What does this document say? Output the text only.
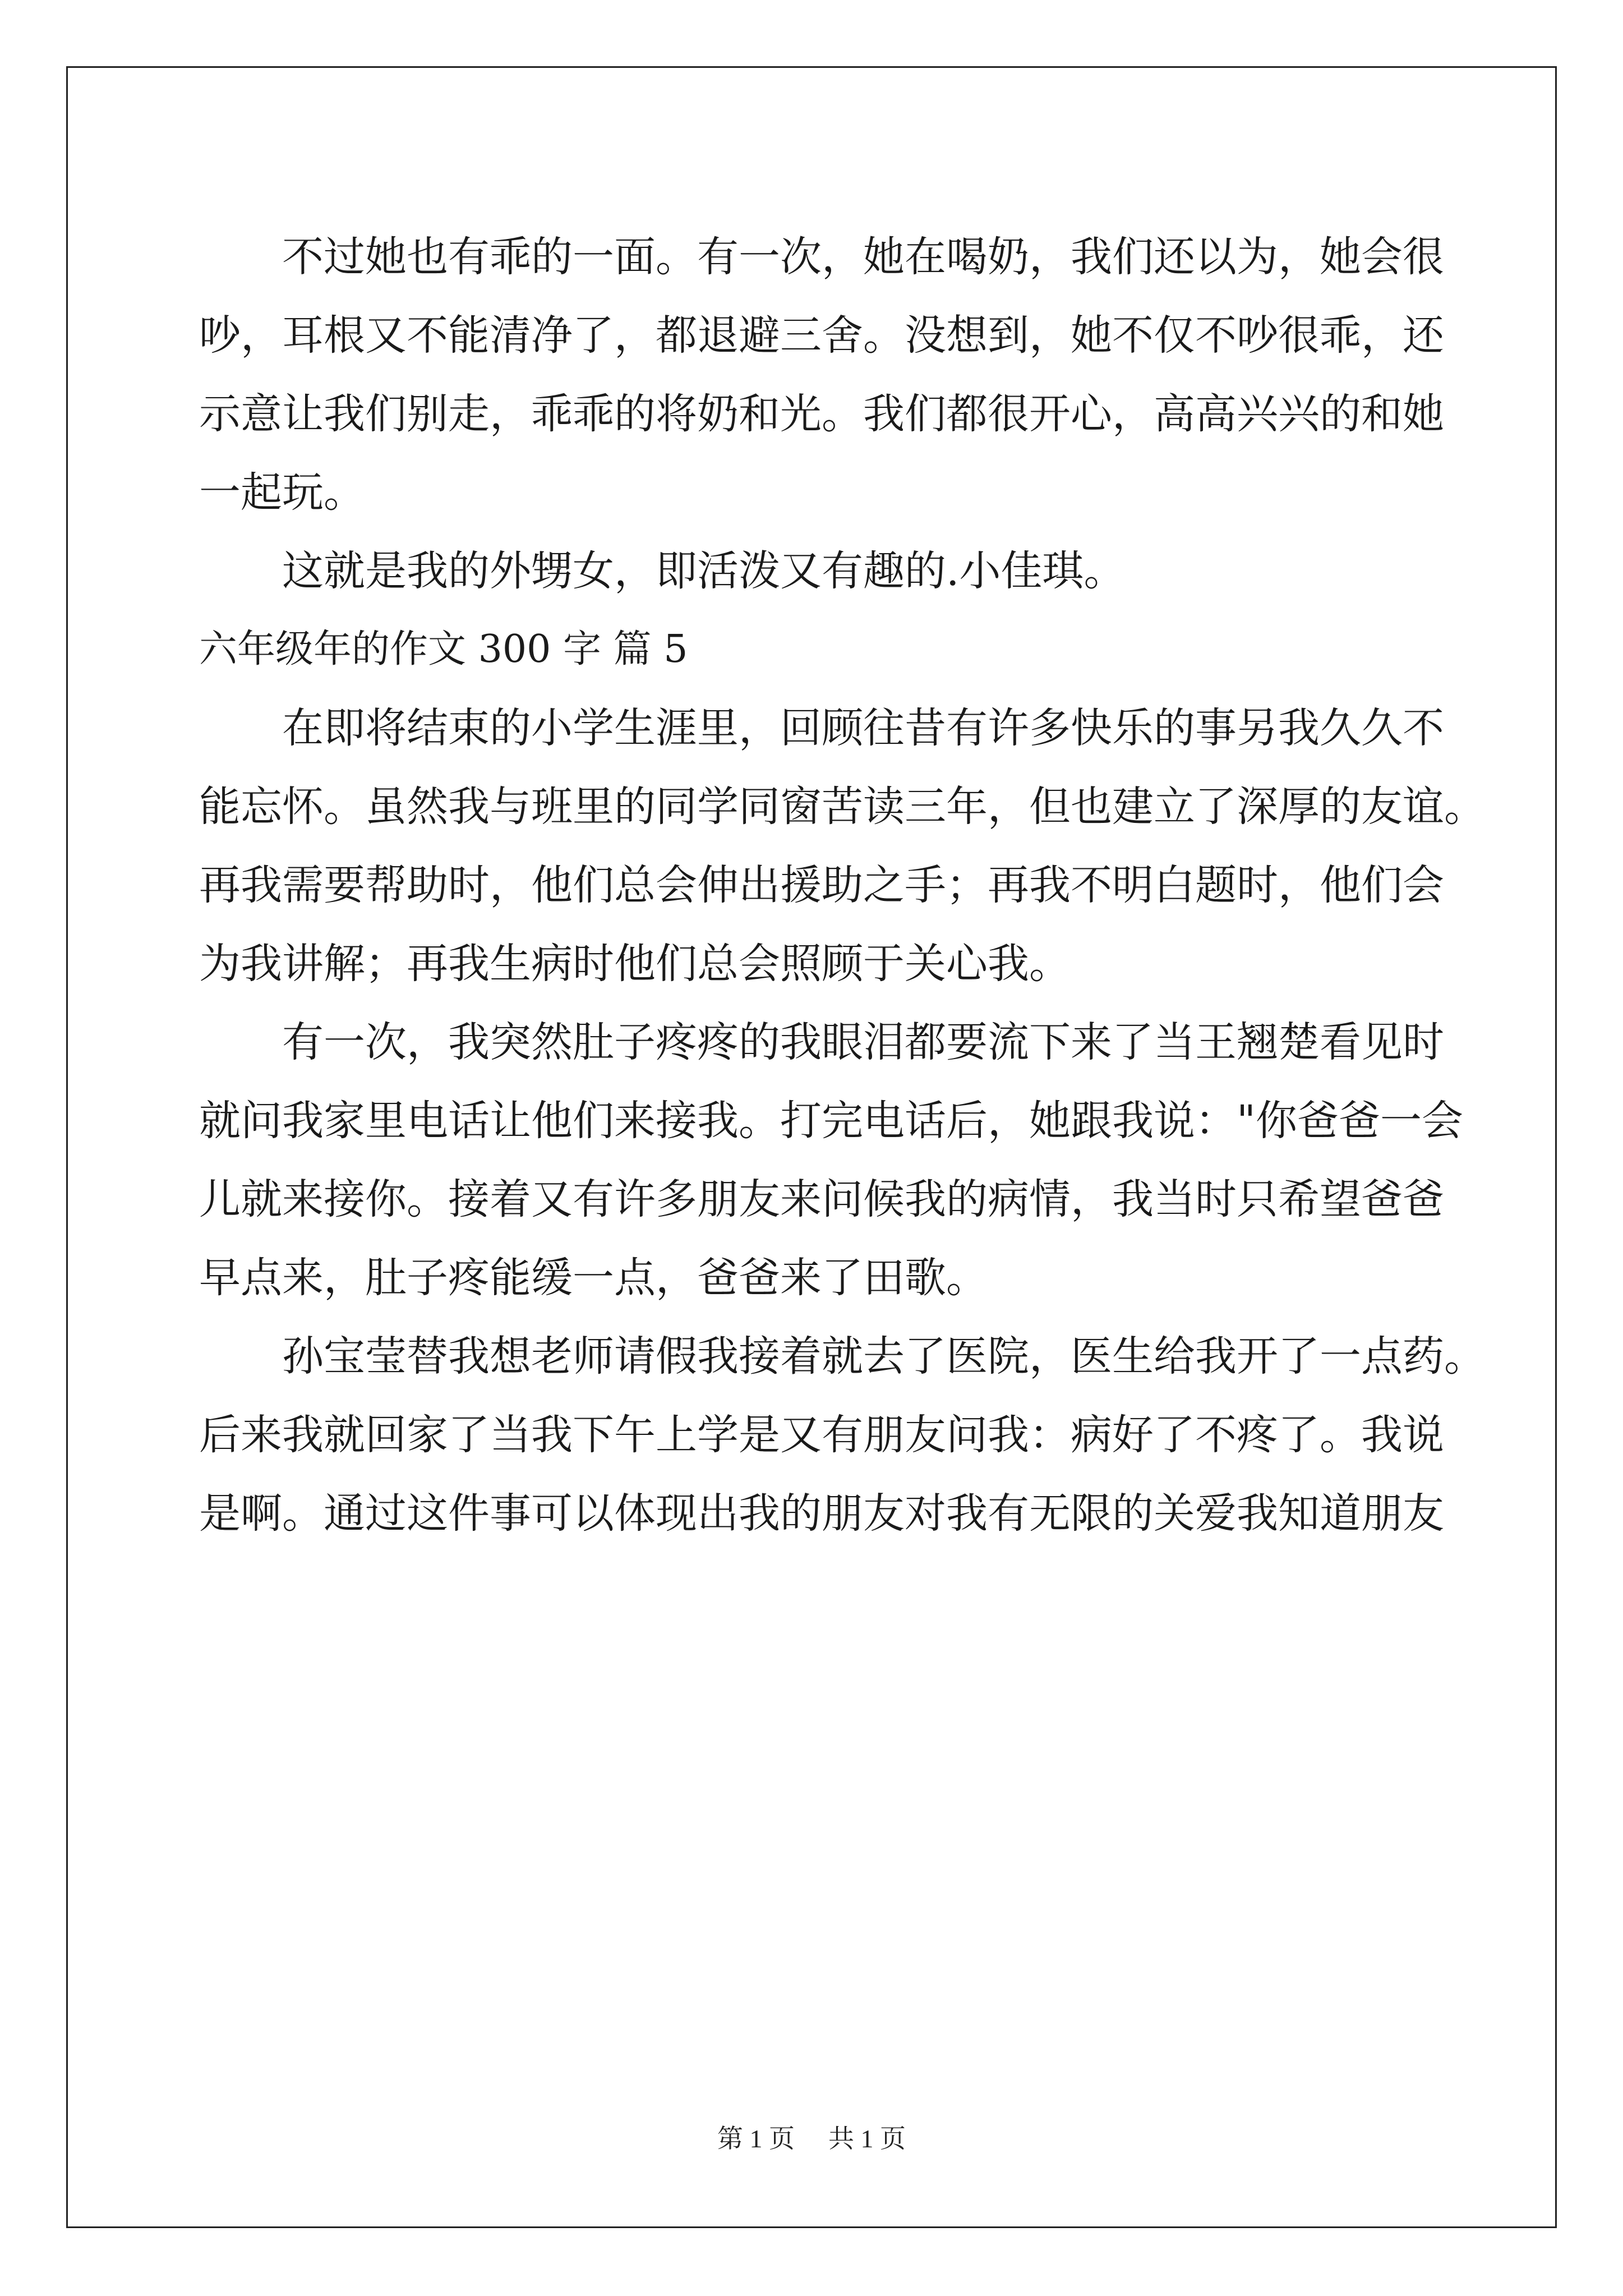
不过她也有乖的一面。有一次，她在喝奶，我们还以为，她会很
吵，耳根又不能清净了，都退避三舍。没想到，她不仅不吵很乖，还
示意让我们别走，乖乖的将奶和光。我们都很开心，高高兴兴的和她
一起玩。
这就是我的外甥女，即活泼又有趣的.小佳琪。
六年级年的作文 300 字 篇 5
在即将结束的小学生涯里，回顾往昔有许多快乐的事另我久久不
能忘怀。虽然我与班里的同学同窗苦读三年，但也建立了深厚的友谊。
再我需要帮助时，他们总会伸出援助之手；再我不明白题时，他们会
为我讲解；再我生病时他们总会照顾于关心我。
有一次，我突然肚子疼疼的我眼泪都要流下来了当王翘楚看见时
就问我家里电话让他们来接我。打完电话后，她跟我说："你爸爸一会
儿就来接你。接着又有许多朋友来问候我的病情，我当时只希望爸爸
早点来，肚子疼能缓一点，爸爸来了田歌。
孙宝莹替我想老师请假我接着就去了医院，医生给我开了一点药。
后来我就回家了当我下午上学是又有朋友问我：病好了不疼了。我说
是啊。通过这件事可以体现出我的朋友对我有无限的关爱我知道朋友
第 1 页 共 1 页
